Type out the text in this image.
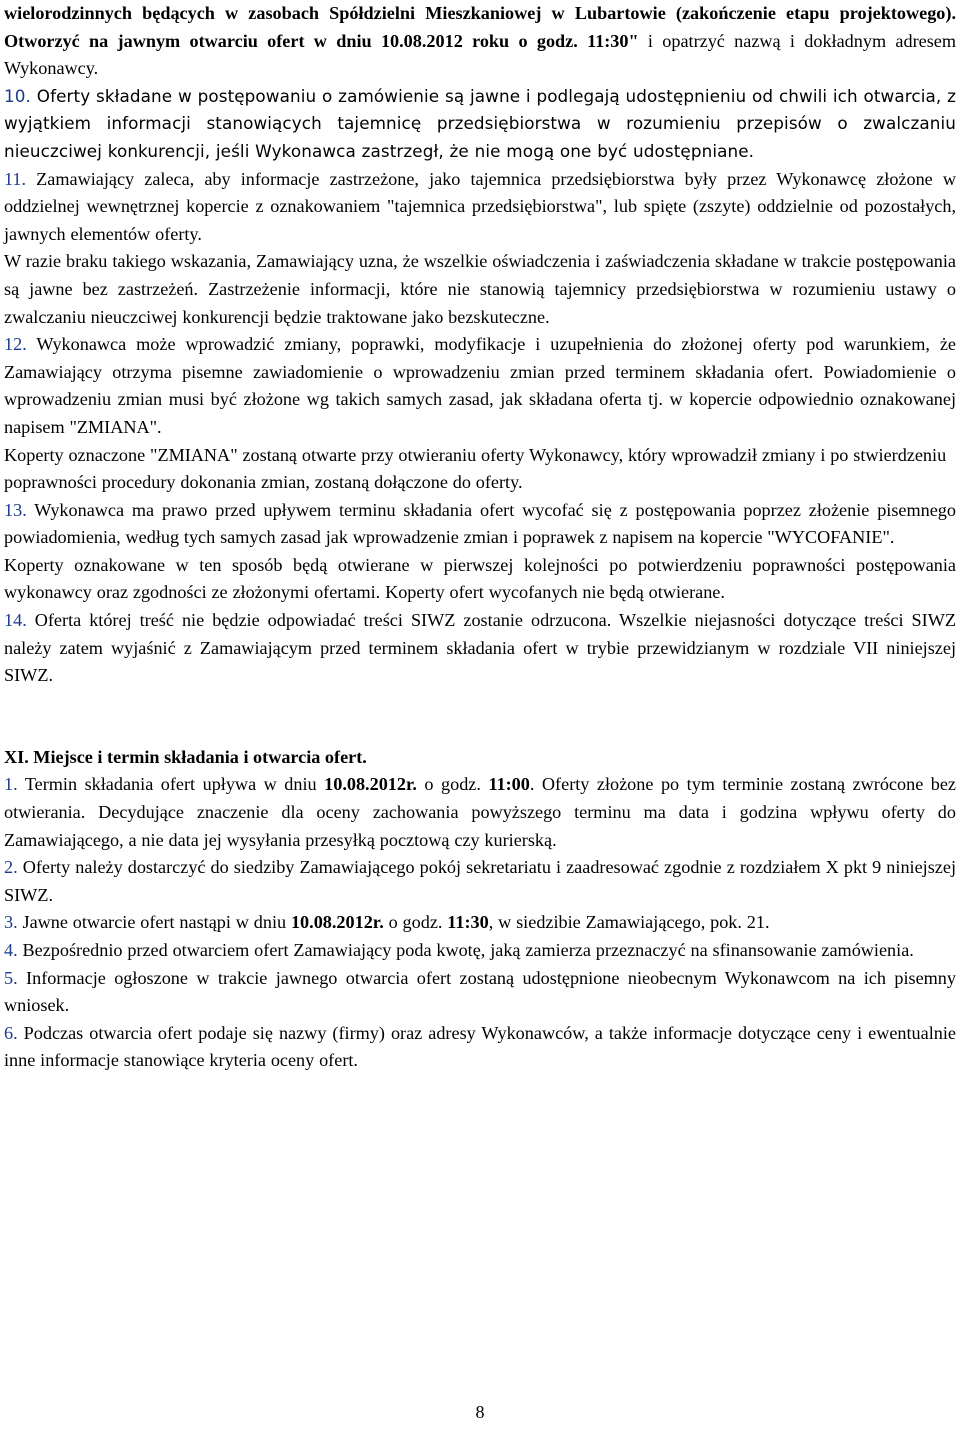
wielorodzinnych będących w zasobach Spółdzielni Mieszkaniowej w Lubartowie (zakończenie etapu projektowego). Otworzyć na jawnym otwarciu ofert w dniu 10.08.2012 roku o godz. 11:30" i opatrzyć nazwą i dokładnym adresem Wykonawcy.

10. Oferty składane w postępowaniu o zamówienie są jawne i podlegają udostępnieniu od chwili ich otwarcia, z wyjątkiem informacji stanowiących tajemnicę przedsiębiorstwa w rozumieniu przepisów o zwalczaniu nieuczciwej konkurencji, jeśli Wykonawca zastrzegł, że nie mogą one być udostępniane.

11. Zamawiający zaleca, aby informacje zastrzeżone, jako tajemnica przedsiębiorstwa były przez Wykonawcę złożone w oddzielnej wewnętrznej kopercie z oznakowaniem "tajemnica przedsiębiorstwa", lub spięte (zszyte) oddzielnie od pozostałych, jawnych elementów oferty.

W razie braku takiego wskazania, Zamawiający uzna, że wszelkie oświadczenia i zaświadczenia składane w trakcie postępowania są jawne bez zastrzeżeń. Zastrzeżenie informacji, które nie stanowią tajemnicy przedsiębiorstwa w rozumieniu ustawy o zwalczaniu nieuczciwej konkurencji będzie traktowane jako bezskuteczne.

12. Wykonawca może wprowadzić zmiany, poprawki, modyfikacje i uzupełnienia do złożonej oferty pod warunkiem, że Zamawiający otrzyma pisemne zawiadomienie o wprowadzeniu zmian przed terminem składania ofert. Powiadomienie o wprowadzeniu zmian musi być złożone wg takich samych zasad, jak składana oferta tj. w kopercie odpowiednio oznakowanej napisem "ZMIANA".

Koperty oznaczone "ZMIANA" zostaną otwarte przy otwieraniu oferty Wykonawcy, który wprowadził zmiany i po stwierdzeniu poprawności procedury dokonania zmian, zostaną dołączone do oferty.

13. Wykonawca ma prawo przed upływem terminu składania ofert wycofać się z postępowania poprzez złożenie pisemnego powiadomienia, według tych samych zasad jak wprowadzenie zmian i poprawek z napisem na kopercie "WYCOFANIE".

Koperty oznakowane w ten sposób będą otwierane w pierwszej kolejności po potwierdzeniu poprawności postępowania wykonawcy oraz zgodności ze złożonymi ofertami. Koperty ofert wycofanych nie będą otwierane.

14. Oferta której treść nie będzie odpowiadać treści SIWZ zostanie odrzucona. Wszelkie niejasności dotyczące treści SIWZ należy zatem wyjaśnić z Zamawiającym przed terminem składania ofert w trybie przewidzianym w rozdziale VII niniejszej SIWZ.

XI. Miejsce i termin składania i otwarcia ofert.

1. Termin składania ofert upływa w dniu 10.08.2012r. o godz. 11:00. Oferty złożone po tym terminie zostaną zwrócone bez otwierania. Decydujące znaczenie dla oceny zachowania powyższego terminu ma data i godzina wpływu oferty do Zamawiającego, a nie data jej wysyłania przesyłką pocztową czy kurierską.

2. Oferty należy dostarczyć do siedziby Zamawiającego pokój sekretariatu i zaadresować zgodnie z rozdziałem X pkt 9 niniejszej SIWZ.

3. Jawne otwarcie ofert nastąpi w dniu 10.08.2012r. o godz. 11:30, w siedzibie Zamawiającego, pok. 21.

4. Bezpośrednio przed otwarciem ofert Zamawiający poda kwotę, jaką zamierza przeznaczyć na sfinansowanie zamówienia.

5. Informacje ogłoszone w trakcie jawnego otwarcia ofert zostaną udostępnione nieobecnym Wykonawcom na ich pisemny wniosek.

6. Podczas otwarcia ofert podaje się nazwy (firmy) oraz adresy Wykonawców, a także informacje dotyczące ceny i ewentualnie inne informacje stanowiące kryteria oceny ofert.

8
